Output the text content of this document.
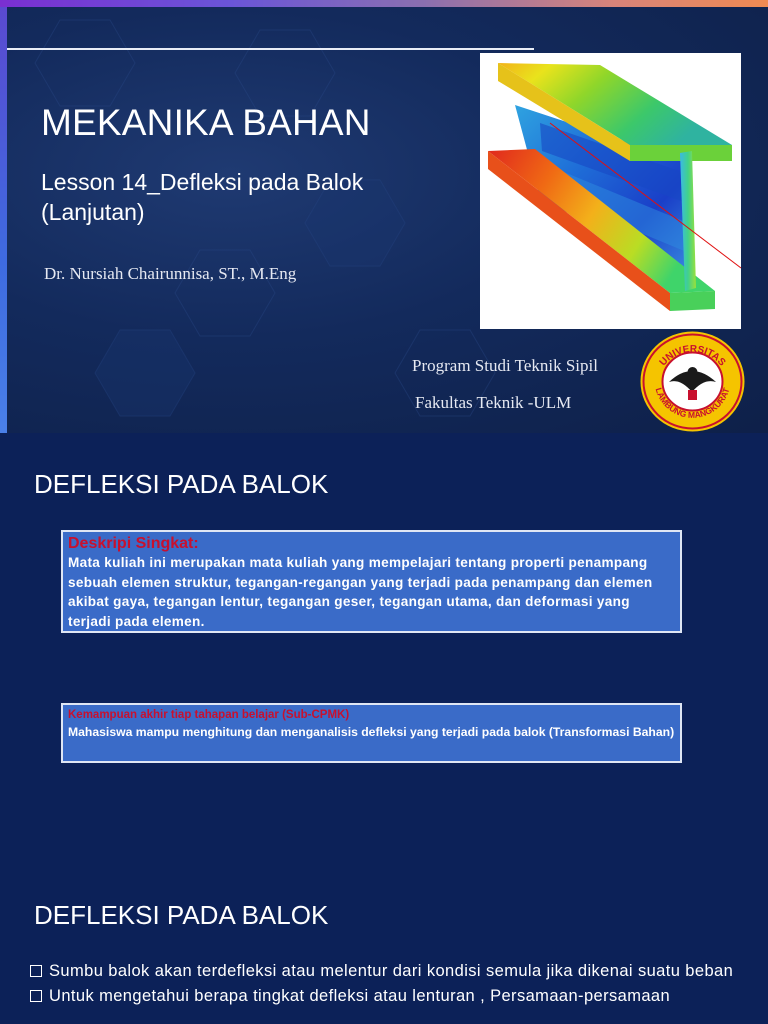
MEKANIKA BAHAN
Lesson 14_Defleksi pada Balok (Lanjutan)
Dr. Nursiah Chairunnisa, ST., M.Eng
Program Studi Teknik Sipil
Fakultas Teknik -ULM
UNIVERSITAS
LAMBUNG MANGKURAT
DEFLEKSI PADA BALOK
Deskripi Singkat:
Mata kuliah ini merupakan mata kuliah yang mempelajari tentang properti penampang sebuah elemen struktur, tegangan-regangan yang terjadi pada penampang dan elemen akibat gaya, tegangan lentur, tegangan geser, tegangan utama, dan deformasi yang terjadi pada elemen.
Kemampuan akhir tiap tahapan belajar (Sub-CPMK)
Mahasiswa mampu menghitung dan menganalisis defleksi yang terjadi pada balok (Transformasi Bahan)
DEFLEKSI PADA BALOK
Sumbu balok akan terdefleksi atau melentur dari kondisi semula jika dikenai suatu beban
Untuk mengetahui berapa tingkat defleksi atau lenturan , Persamaan-persamaan
